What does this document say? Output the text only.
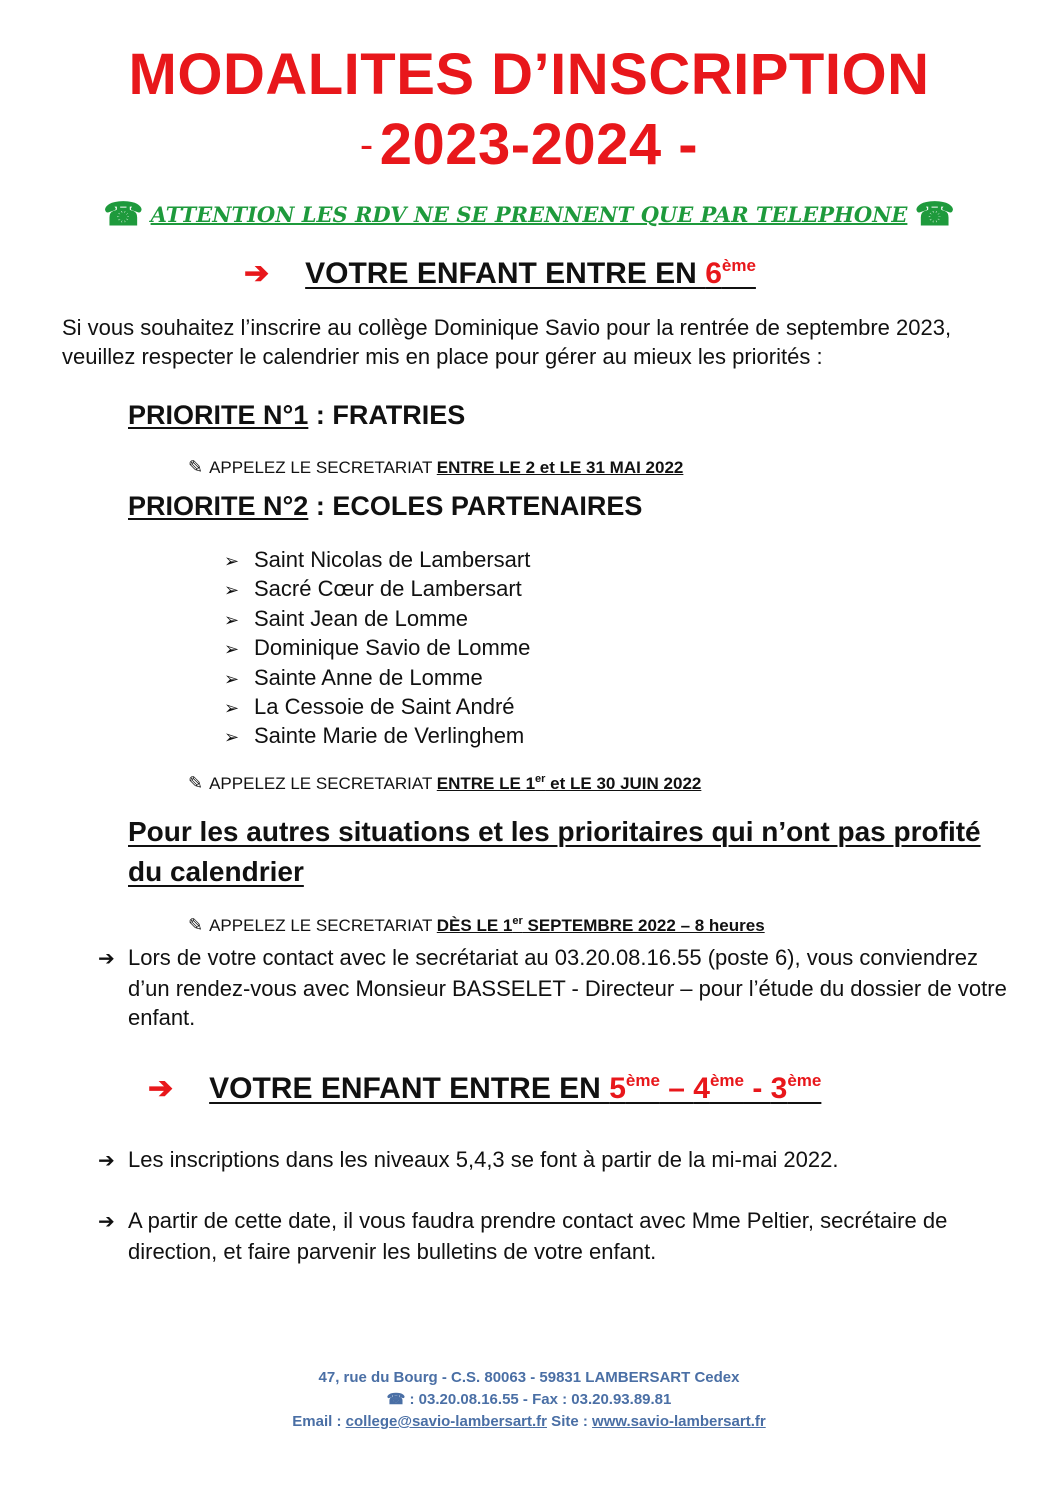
MODALITES D’INSCRIPTION
- 2023-2024 -
☎ ATTENTION LES RDV NE SE PRENNENT QUE PAR TELEPHONE ☎
➔ VOTRE ENFANT ENTRE EN 6ème
Si vous souhaitez l’inscrire au collège Dominique Savio pour la rentrée de septembre 2023, veuillez respecter le calendrier mis en place pour gérer au mieux les priorités :
PRIORITE N°1 : FRATRIES
✎ APPELEZ LE SECRETARIAT ENTRE LE 2 et LE 31 MAI 2022
PRIORITE N°2 : ECOLES PARTENAIRES
➢ Saint Nicolas de Lambersart
➢ Sacré Cœur de Lambersart
➢ Saint Jean de Lomme
➢ Dominique Savio de Lomme
➢ Sainte Anne de Lomme
➢ La Cessoie de Saint André
➢ Sainte Marie de Verlinghem
✎ APPELEZ LE SECRETARIAT ENTRE LE 1er et LE 30 JUIN 2022
Pour les autres situations et les prioritaires qui n’ont pas profité du calendrier
✎ APPELEZ LE SECRETARIAT DÈS LE 1er SEPTEMBRE 2022 – 8 heures
➔ Lors de votre contact avec le secrétariat au 03.20.08.16.55 (poste 6), vous conviendrez d’un rendez-vous avec Monsieur BASSELET - Directeur – pour l’étude du dossier de votre enfant.
➔ VOTRE ENFANT ENTRE EN 5ème – 4ème - 3ème
➔ Les inscriptions dans les niveaux 5,4,3 se font à partir de la mi-mai 2022.
➔ A partir de cette date, il vous faudra prendre contact avec Mme Peltier, secrétaire de direction, et faire parvenir les bulletins de votre enfant.
47, rue du Bourg - C.S. 80063 - 59831 LAMBERSART Cedex
☎ : 03.20.08.16.55 - Fax : 03.20.93.89.81
Email : college@savio-lambersart.fr Site : www.savio-lambersart.fr
